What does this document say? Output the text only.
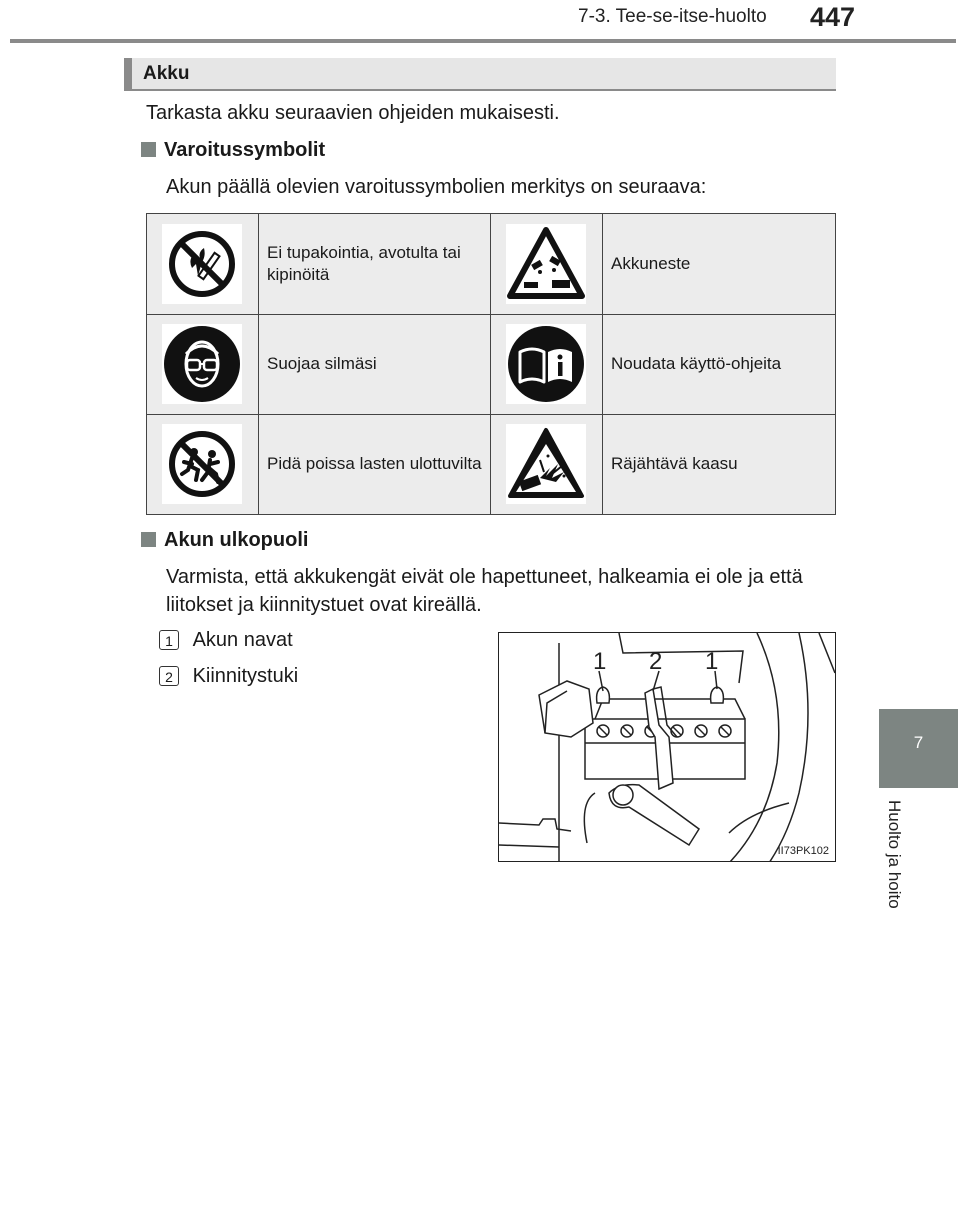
7-3. Tee-se-itse-huolto 447
7
Huolto ja hoito
Akku
Tarkasta akku seuraavien ohjeiden mukaisesti.
Varoitussymbolit
Akun päällä olevien varoitussymbolien merkitys on seuraava:
Ei tupakointia, avotulta tai kipinöitä
Akkuneste
Suojaa silmäsi	Noudata käyttö-ohjeita
Pidä poissa lasten ulottuvilta	Räjähtävä kaasu
Akun ulkopuoli
Varmista, että akkukengät eivät ole hapettuneet, halkeamia ei ole ja että liitokset ja kiinnitystuet ovat kireällä.
1 Akun navat
2 Kiinnitystuki
1 2 1
II73PK102
